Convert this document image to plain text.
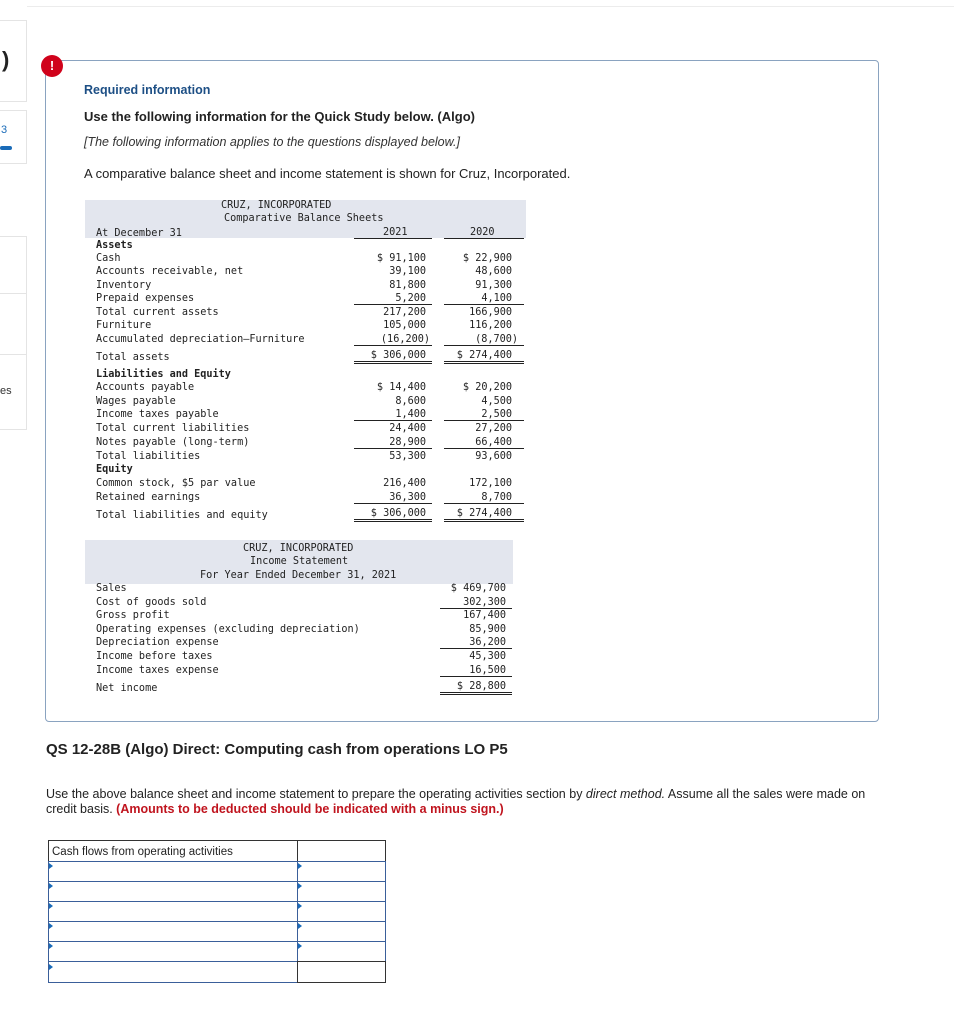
)
3
es
!
Required information
Use the following information for the Quick Study below. (Algo)
[The following information applies to the questions displayed below.]
A comparative balance sheet and income statement is shown for Cruz, Incorporated.
CRUZ, INCORPORATED
Comparative Balance Sheets
At December 31	2021	2020
Assets
Cash	$ 91,100	$ 22,900
Accounts receivable, net	39,100	48,600
Inventory	81,800	91,300
Prepaid expenses	5,200	4,100
Total current assets	217,200	166,900
Furniture	105,000	116,200
Accumulated depreciation—Furniture	(16,200)	(8,700)
Total assets	$ 306,000	$ 274,400
Liabilities and Equity
Accounts payable	$ 14,400	$ 20,200
Wages payable	8,600	4,500
Income taxes payable	1,400	2,500
Total current liabilities	24,400	27,200
Notes payable (long-term)	28,900	66,400
Total liabilities	53,300	93,600
Equity
Common stock, $5 par value	216,400	172,100
Retained earnings	36,300	8,700
Total liabilities and equity	$ 306,000	$ 274,400
CRUZ, INCORPORATED
Income Statement
For Year Ended December 31, 2021
Sales	$ 469,700
Cost of goods sold	302,300
Gross profit	167,400
Operating expenses (excluding depreciation)	85,900
Depreciation expense	36,200
Income before taxes	45,300
Income taxes expense	16,500
Net income	$ 28,800
QS 12-28B (Algo) Direct: Computing cash from operations LO P5
Use the above balance sheet and income statement to prepare the operating activities section by direct method. Assume all the sales were made on credit basis. (Amounts to be deducted should be indicated with a minus sign.)
Cash flows from operating activities
